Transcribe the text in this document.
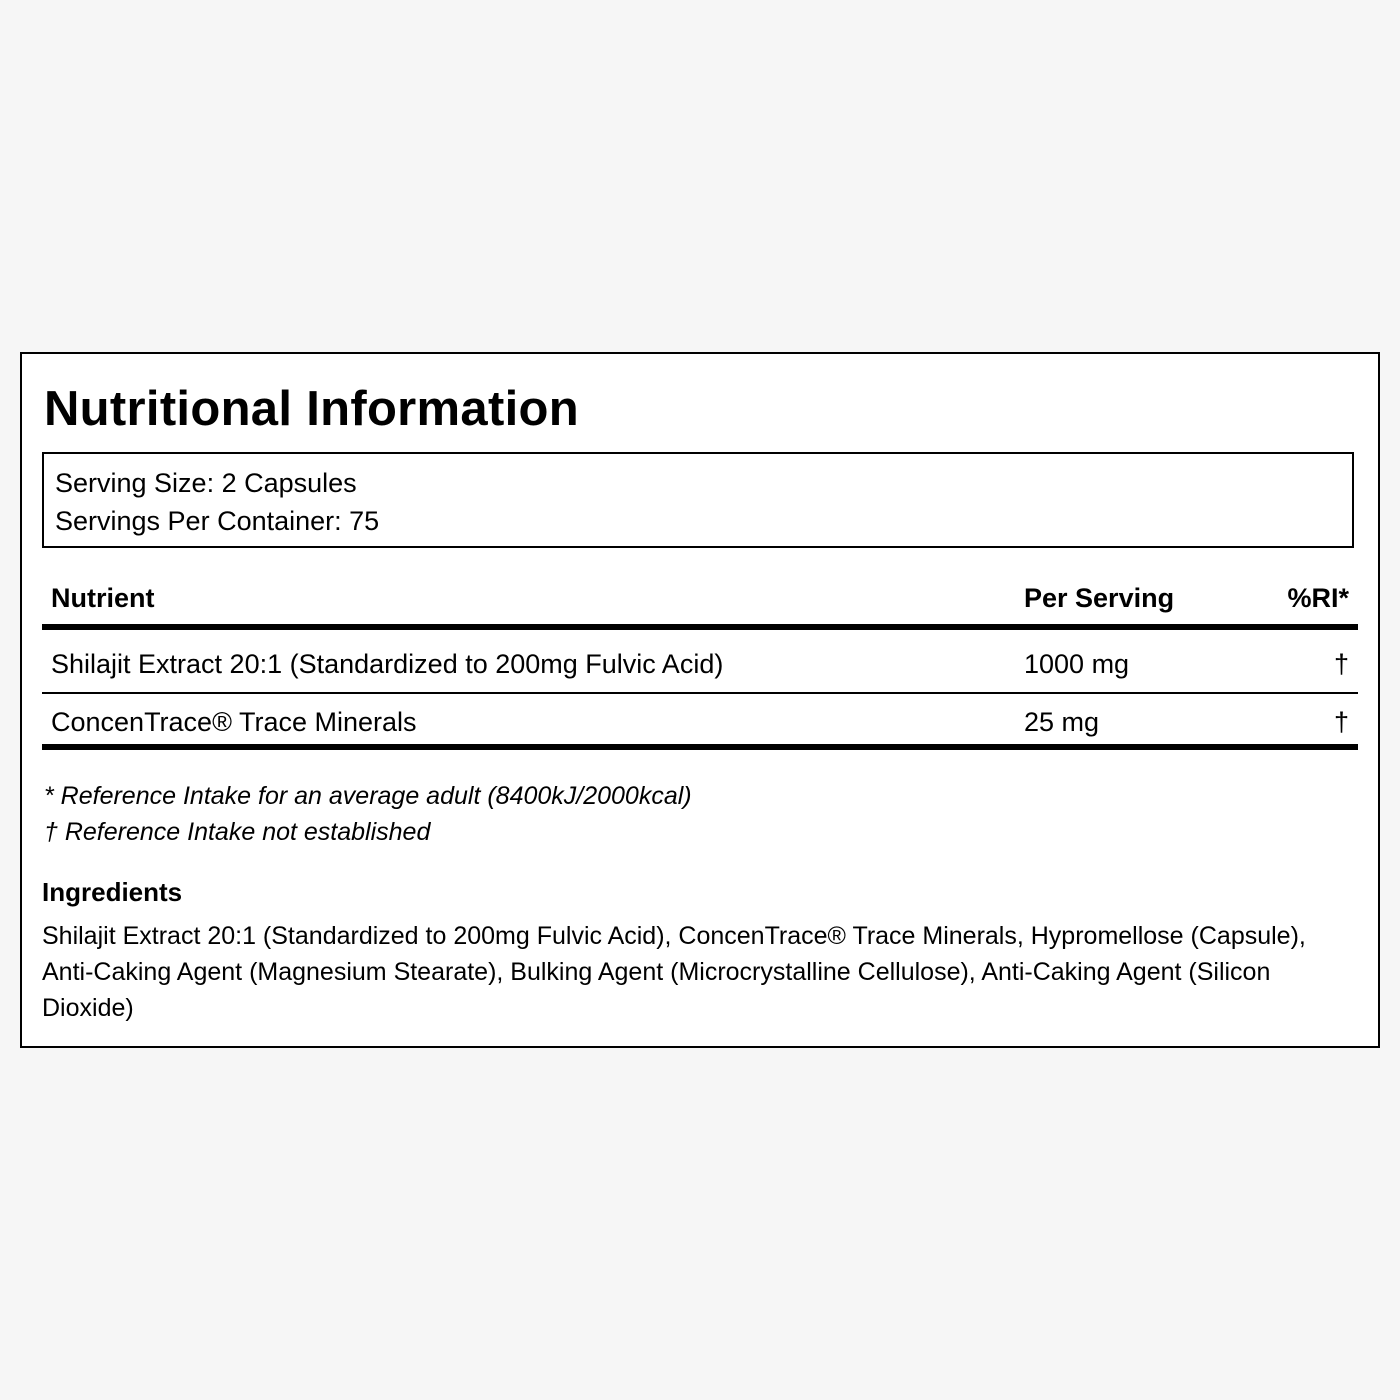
Nutritional Information
Serving Size: 2 Capsules
Servings Per Container: 75
Nutrient	Per Serving	%RI*
Shilajit Extract 20:1 (Standardized to 200mg Fulvic Acid)	1000 mg	†
ConcenTrace® Trace Minerals	25 mg	†
* Reference Intake for an average adult (8400kJ/2000kcal)
† Reference Intake not established
Ingredients

Shilajit Extract 20:1 (Standardized to 200mg Fulvic Acid), ConcenTrace® Trace Minerals, Hypromellose (Capsule), Anti-Caking Agent (Magnesium Stearate), Bulking Agent (Microcrystalline Cellulose), Anti-Caking Agent (Silicon Dioxide)
